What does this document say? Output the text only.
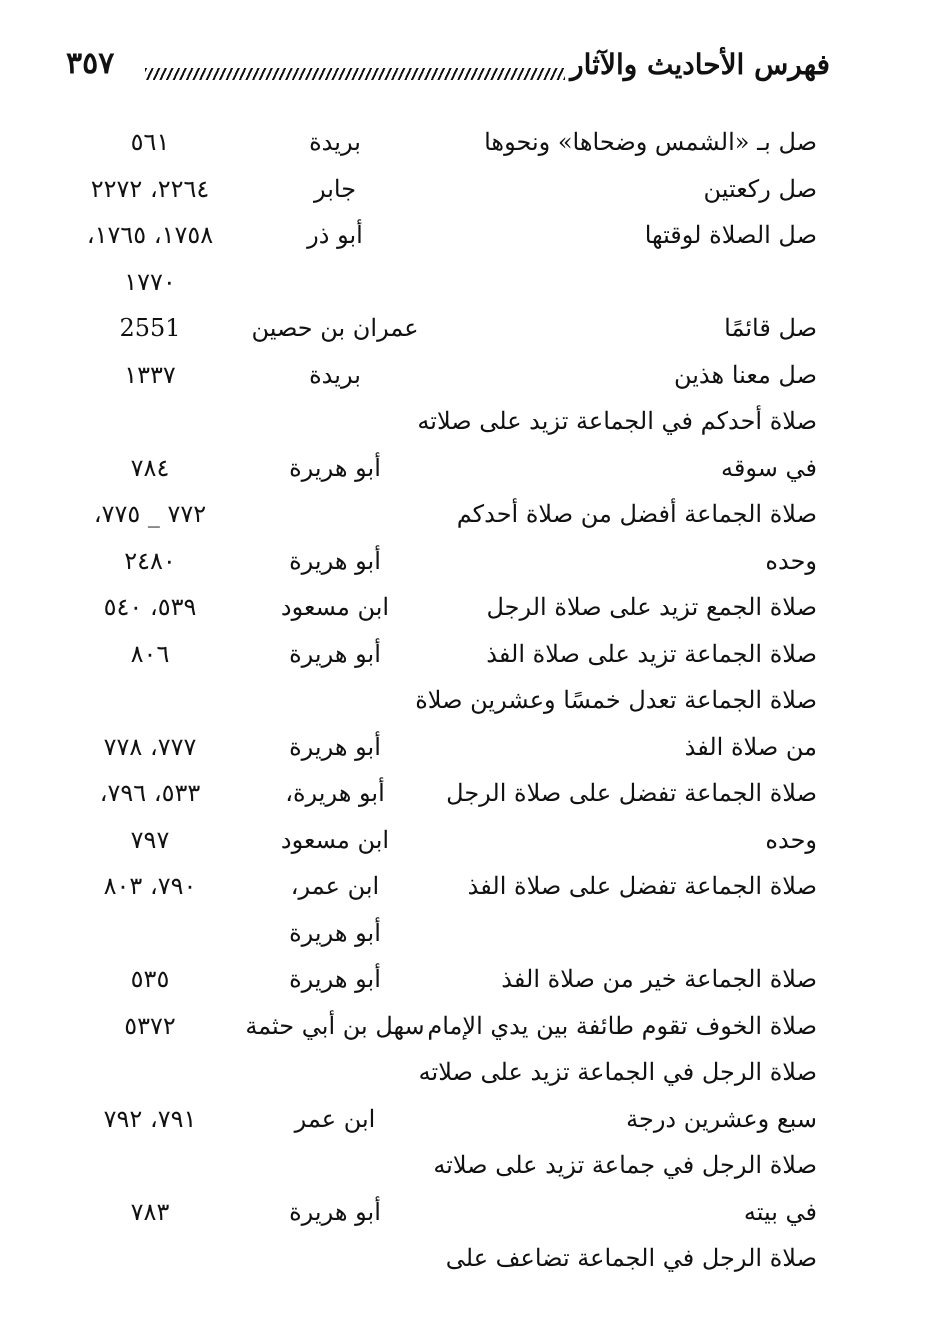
فهرس الأحاديث والآثار
٣٥٧
صل بـ «الشمس وضحاها» ونحوها
بريدة
٥٦١
صل ركعتين
جابر
٢٢٦٤، ٢٢٧٢
صل الصلاة لوقتها
أبو ذر
١٧٥٨، ١٧٦٥،
١٧٧٠
صل قائمًا
عمران بن حصين
2551
صل معنا هذين
بريدة
١٣٣٧
صلاة أحدكم في الجماعة تزيد على صلاته
في سوقه
أبو هريرة
٧٨٤
صلاة الجماعة أفضل من صلاة أحدكم
٧٧٢ _ ٧٧٥،
وحده
أبو هريرة
٢٤٨٠
صلاة الجمع تزيد على صلاة الرجل
ابن مسعود
٥٣٩، ٥٤٠
صلاة الجماعة تزيد على صلاة الفذ
أبو هريرة
٨٠٦
صلاة الجماعة تعدل خمسًا وعشرين صلاة
من صلاة الفذ
أبو هريرة
٧٧٧، ٧٧٨
صلاة الجماعة تفضل على صلاة الرجل
أبو هريرة،
٥٣٣، ٧٩٦،
وحده
ابن مسعود
٧٩٧
صلاة الجماعة تفضل على صلاة الفذ
ابن عمر،
٧٩٠، ٨٠٣
أبو هريرة
صلاة الجماعة خير من صلاة الفذ
أبو هريرة
٥٣٥
صلاة الخوف تقوم طائفة بين يدي الإمام
سهل بن أبي حثمة
٥٣٧٢
صلاة الرجل في الجماعة تزيد على صلاته
سبع وعشرين درجة
ابن عمر
٧٩١، ٧٩٢
صلاة الرجل في جماعة تزيد على صلاته
في بيته
أبو هريرة
٧٨٣
صلاة الرجل في الجماعة تضاعف على
